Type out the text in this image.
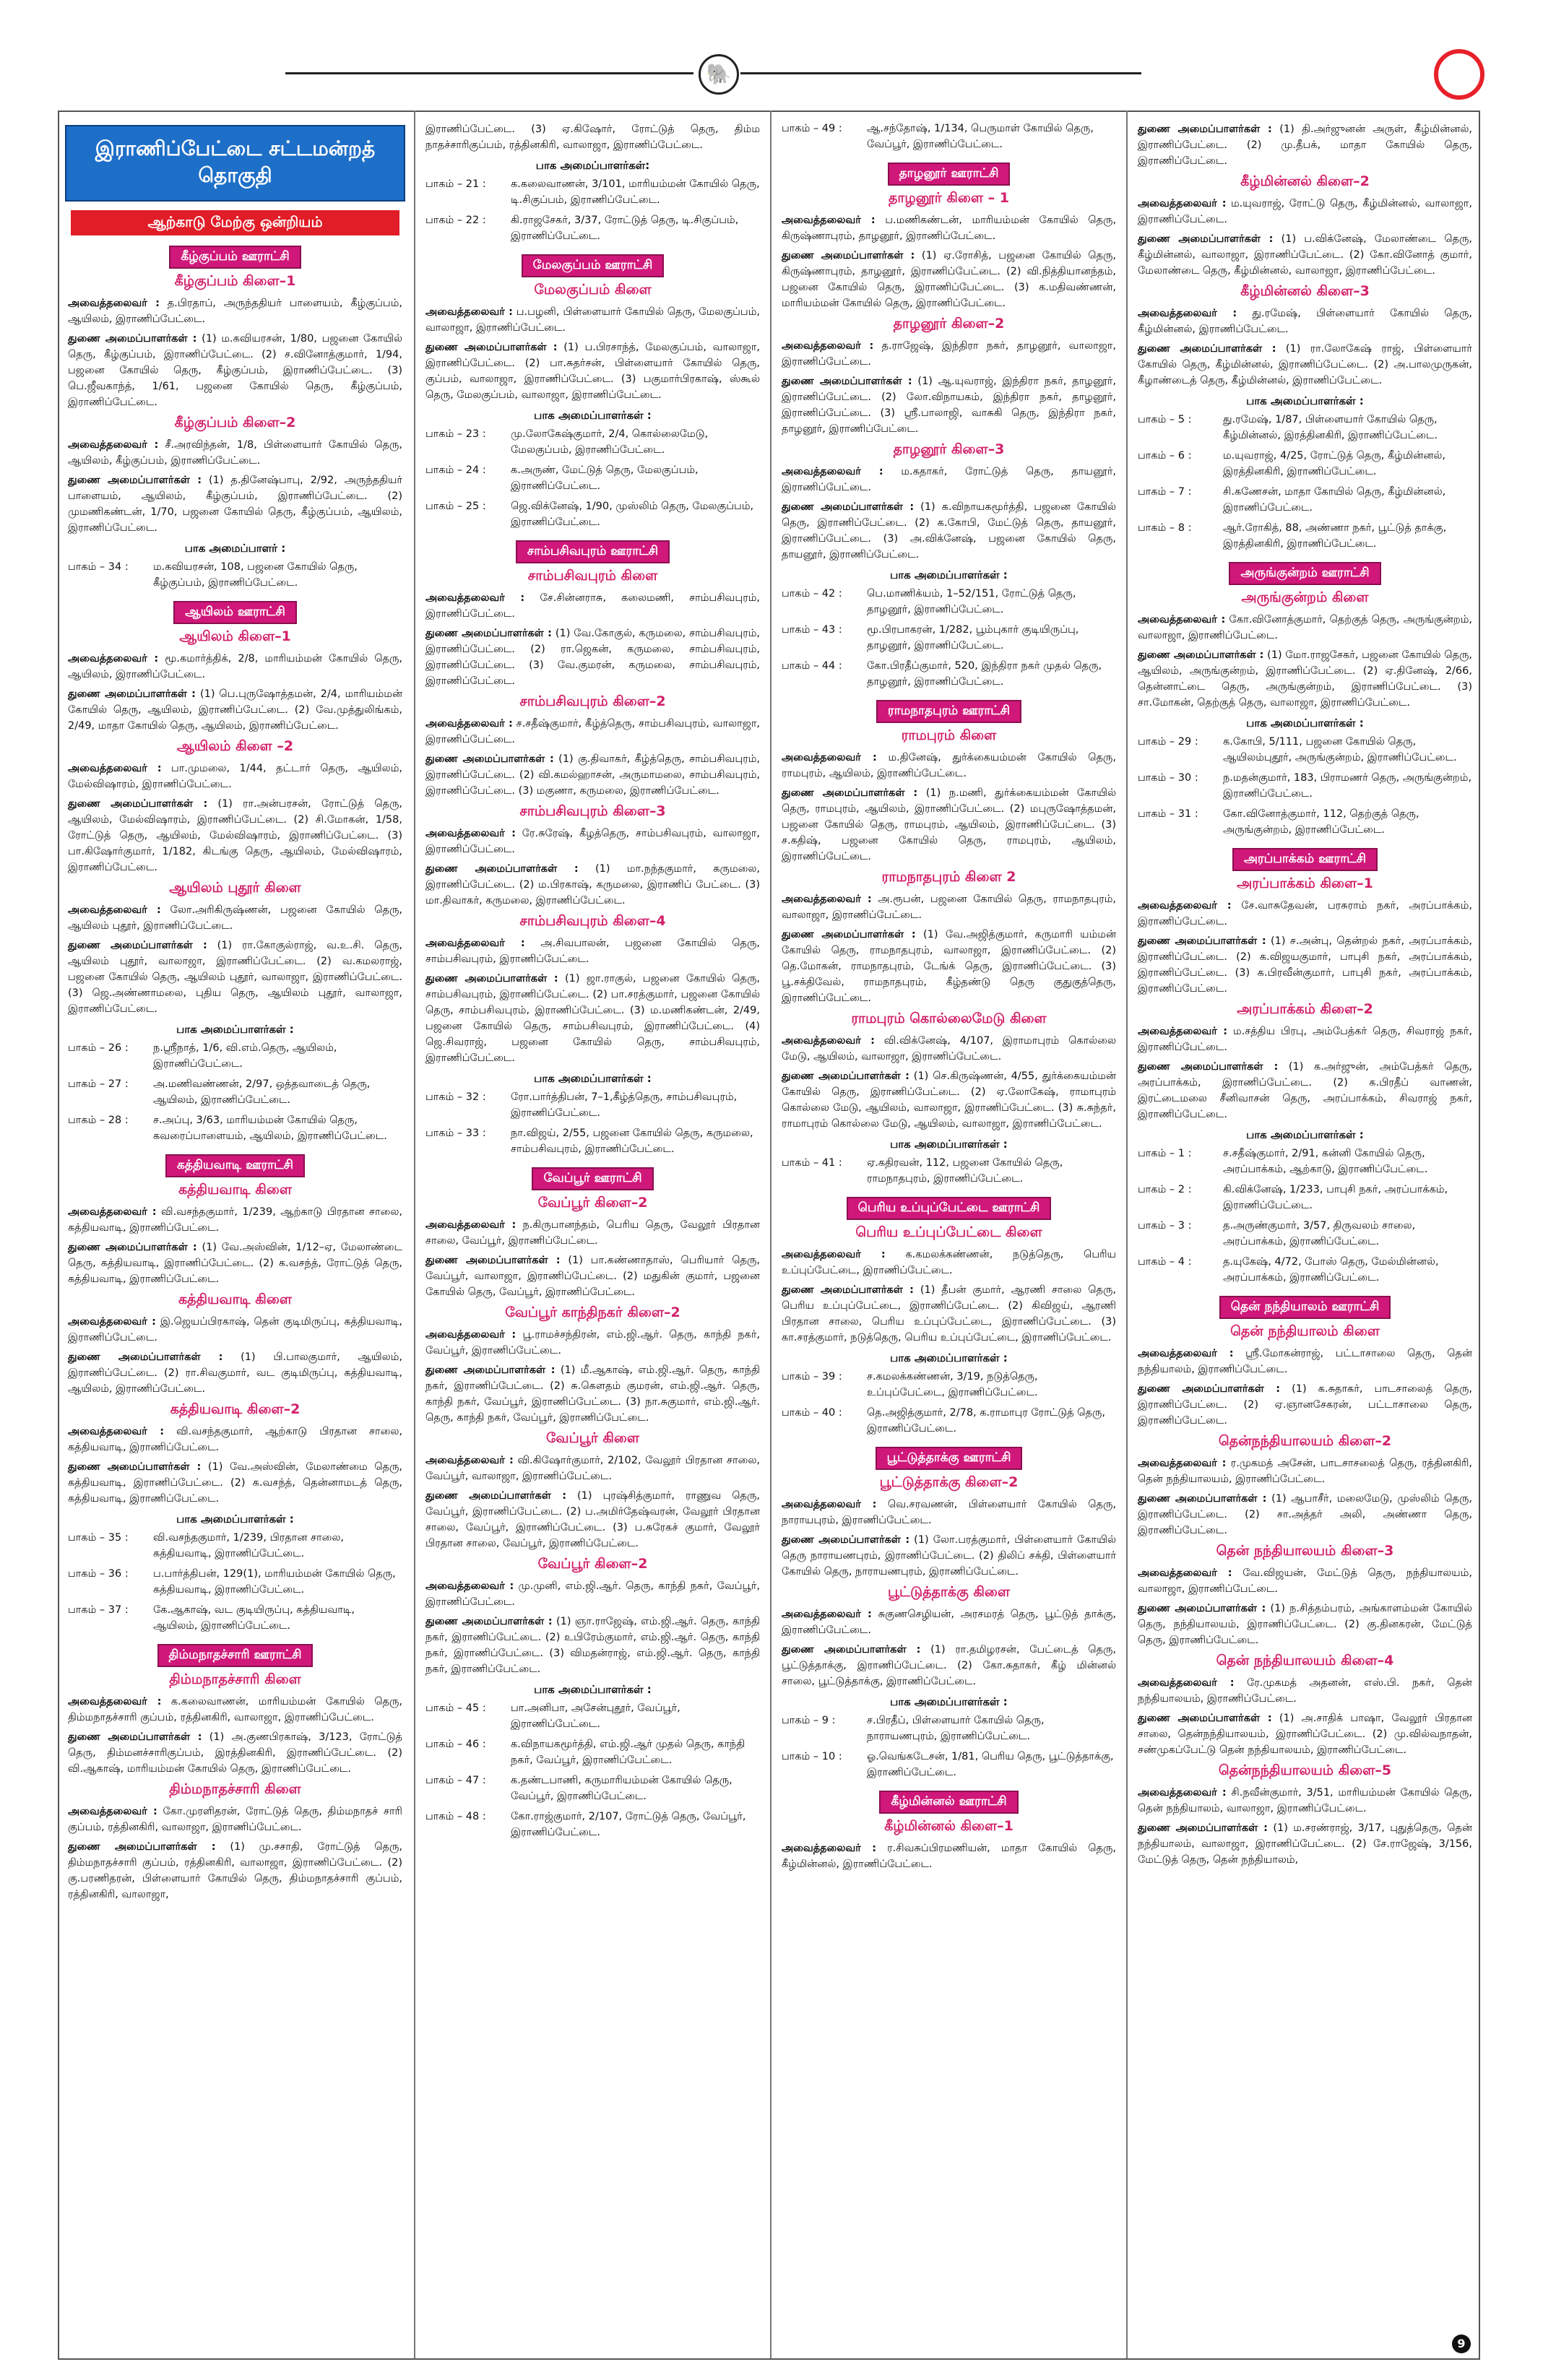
🐘
இராணிப்பேட்டை சட்டமன்றத் தொகுதி
ஆற்காடு மேற்கு ஒன்றியம்
கீழ்குப்பம் ஊராட்சி
கீழ்குப்பம் கிளை–1
அவைத்தலைவர் : த.பிரதாப், அருந்ததியர் பாளையம், கீழ்குப்பம், ஆயிலம், இராணிப்பேட்டை.
துணை அமைப்பாளர்கள் : (1) ம.கவியரசன், 1/80, பஜனை கோயில் தெரு, கீழ்குப்பம், இராணிப்பேட்டை. (2) ச.வினோத்குமார், 1/94, பஜனை கோயில் தெரு, கீழ்குப்பம், இராணிப்பேட்டை. (3) பெ.ஜீவகாந்த், 1/61, பஜனை கோயில் தெரு, கீழ்குப்பம், இராணிப்பேட்டை.
கீழ்குப்பம் கிளை–2
அவைத்தலைவர் : சீ.அரவிந்தன், 1/8, பிள்ளையார் கோயில் தெரு, ஆயிலம், கீழ்குப்பம், இராணிப்பேட்டை.
துணை அமைப்பாளர்கள் : (1) த.தினேஷ்பாபு, 2/92, அருந்ததியர் பாளையம், ஆயிலம், கீழ்குப்பம், இராணிப்பேட்டை. (2) முமணிகண்டன், 1/70, பஜனை கோயில் தெரு, கீழ்குப்பம், ஆயிலம், இராணிப்பேட்டை.
பாக அமைப்பாளர் :
பாகம் – 34 :	ம.கவியரசன், 108, பஜனை கோயில் தெரு, கீழ்குப்பம், இராணிப்பேட்டை.
ஆயிலம் ஊராட்சி
ஆயிலம் கிளை–1
அவைத்தலைவர் : மூ.கமார்த்திக், 2/8, மாரியம்மன் கோயில் தெரு, ஆயிலம், இராணிப்பேட்டை.
துணை அமைப்பாளர்கள் : (1) பெ.புருஷோத்தமன், 2/4, மாரியம்மன் கோயில் தெரு, ஆயிலம், இராணிப்பேட்டை. (2) வே.முத்துலிங்கம், 2/49, மாதா கோயில் தெரு, ஆயிலம், இராணிப்பேட்டை.
ஆயிலம் கிளை –2
அவைத்தலைவர் : பா.முமலை, 1/44, தட்டார் தெரு, ஆயிலம், மேல்விஷாரம், இராணிப்பேட்டை.
துணை அமைப்பாளர்கள் : (1) ரா.அன்பரசன், ரோட்டுத் தெரு, ஆயிலம், மேல்விஷாரம், இராணிப்பேட்டை. (2) சி.மோகன், 1/58, ரோட்டுத் தெரு, ஆயிலம், மேல்விஷாரம், இராணிப்பேட்டை. (3) பா.கிஷோர்குமார், 1/182, கிடங்கு தெரு, ஆயிலம், மேல்விஷாரம், இராணிப்பேட்டை.
ஆயிலம் புதூர் கிளை
அவைத்தலைவர் : லோ.அரிகிருஷ்ணன், பஜனை கோயில் தெரு, ஆயிலம் புதூர், இராணிப்பேட்டை.
துணை அமைப்பாளர்கள் : (1) ரா.கோகுல்ராஜ், வ.உ.சி. தெரு, ஆயிலம் புதூர், வாலாஜா, இராணிப்பேட்டை. (2) வ.கமலராஜ், பஜனை கோயில் தெரு, ஆயிலம் புதூர், வாலாஜா, இராணிப்பேட்டை. (3) ஜெ.அண்ணாமலை, புதிய தெரு, ஆயிலம் புதூர், வாலாஜா, இராணிப்பேட்டை.
பாக அமைப்பாளர்கள் :
பாகம் – 26 :	ந.ஸ்ரீநாத், 1/6, வி.எம்.தெரு, ஆயிலம், இராணிப்பேட்டை.
பாகம் – 27 :	அ.மணிவண்ணன், 2/97, ஒத்தவாடைத் தெரு, ஆயிலம், இராணிப்பேட்டை.
பாகம் – 28 :	ச.அப்பு, 3/63, மாரியம்மன் கோயில் தெரு, கவரைப்பாளையம், ஆயிலம், இராணிப்பேட்டை.
கத்தியவாடி ஊராட்சி
கத்தியவாடி கிளை
அவைத்தலைவர் : வி.வசந்தகுமார், 1/239, ஆற்காடு பிரதான சாலை, கத்தியவாடி, இராணிப்பேட்டை.
துணை அமைப்பாளர்கள் : (1) வே.அஸ்வின், 1/12–ஏ, மேலாண்டை தெரு, கத்தியவாடி, இராணிப்பேட்டை. (2) க.வசந்த், ரோட்டுத் தெரு, கத்தியவாடி, இராணிப்பேட்டை.
கத்தியவாடி கிளை
அவைத்தலைவர் : இ.ஜெயப்பிரகாஷ், தென் குடிமிருப்பு, கத்தியவாடி, இராணிப்பேட்டை.
துணை அமைப்பாளர்கள் : (1) பி.பாலகுமார், ஆயிலம், இராணிப்பேட்டை. (2) ரா.சிவகுமார், வட குடிமிருப்பு, கத்தியவாடி, ஆயிலம், இராணிப்பேட்டை.
கத்தியவாடி கிளை–2
அவைத்தலைவர் : வி.வசந்தகுமார், ஆற்காடு பிரதான சாலை, கத்தியவாடி, இராணிப்பேட்டை.
துணை அமைப்பாளர்கள் : (1) வே.அஸ்வின், மேலாண்மை தெரு, கத்தியவாடி, இராணிப்பேட்டை. (2) க.வசந்த், தென்னாமடத் தெரு, கத்தியவாடி, இராணிப்பேட்டை.
பாக அமைப்பாளர்கள் :
பாகம் – 35 :	வி.வசந்தகுமார், 1/239, பிரதான சாலை, கத்தியவாடி, இராணிப்பேட்டை.
பாகம் – 36 :	ப.பார்த்திபன், 129(1), மாரியம்மன் கோயில் தெரு, கத்தியவாடி, இராணிப்பேட்டை.
பாகம் – 37 :	கே.ஆகாஷ், வட குடியிருப்பு, கத்தியவாடி, ஆயிலம், இராணிப்பேட்டை.
திம்மநாதச்சாரி ஊராட்சி
திம்மநாதச்சாரி கிளை
அவைத்தலைவர் : க.கலைவாணன், மாரியம்மன் கோயில் தெரு, திம்மநாதச்சாரி குப்பம், ரத்தினகிரி, வாலாஜா, இராணிப்பேட்டை.
துணை அமைப்பாளர்கள் : (1) அ.குணபிரகாஷ், 3/123, ரோட்டுத் தெரு, திம்மனச்சாரிகுப்பம், இரத்தினகிரி, இராணிப்பேட்டை. (2) வி.ஆகாஷ், மாரியம்மன் கோயில் தெரு, இராணிப்பேட்டை.
திம்மநாதச்சாரி கிளை
அவைத்தலைவர் : கோ.முரளிதரன், ரோட்டுத் தெரு, திம்மநாதச் சாரி குப்பம், ரத்தினகிரி, வாலாஜா, இராணிப்பேட்டை.
துணை அமைப்பாளர்கள் : (1) மு.சசாதி, ரோட்டுத் தெரு, திம்மநாதச்சாரி குப்பம், ரத்தினகிரி, வாலாஜா, இராணிப்பேட்டை. (2) கு.பரணிதரன், பிள்ளையார் கோயில் தெரு, திம்மநாதச்சாரி குப்பம், ரத்தினகிரி, வாலாஜா,
இராணிப்பேட்டை. (3) ஏ.கிஷோர், ரோட்டுத் தெரு, திம்ம நாதச்சாரிகுப்பம், ரத்தினகிரி, வாலாஜா, இராணிப்பேட்டை.
பாக அமைப்பாளர்கள்:
பாகம் – 21 :	க.கலைவாணன், 3/101, மாரியம்மன் கோயில் தெரு, டி.சிகுப்பம், இராணிப்பேட்டை.
பாகம் – 22 :	கி.ராஜசேகர், 3/37, ரோட்டுத் தெரு, டி.சிகுப்பம், இராணிப்பேட்டை.
மேலகுப்பம் ஊராட்சி
மேலகுப்பம் கிளை
அவைத்தலைவர் : ப.பழனி, பிள்ளையார் கோயில் தெரு, மேலகுப்பம், வாலாஜா, இராணிப்பேட்டை.
துணை அமைப்பாளர்கள் : (1) ப.பிரசாந்த், மேலகுப்பம், வாலாஜா, இராணிப்பேட்டை. (2) பா.சுதர்சன், பிள்ளையார் கோயில் தெரு, குப்பம், வாலாஜா, இராணிப்பேட்டை. (3) பகுமார்பிரகாஷ், ஸ்கூல் தெரு, மேலகுப்பம், வாலாஜா, இராணிப்பேட்டை.
பாக அமைப்பாளர்கள் :
பாகம் – 23 :	மு.லோகேஷ்குமார், 2/4, கொல்லைமேடு, மேலகுப்பம், இராணிப்பேட்டை.
பாகம் – 24 :	க.அருண், மேட்டுத் தெரு, மேலகுப்பம், இராணிப்பேட்டை.
பாகம் – 25 :	ஜெ.விக்னேஷ், 1/90, முஸ்லிம் தெரு, மேலகுப்பம், இராணிப்பேட்டை.
சாம்பசிவபுரம் ஊராட்சி
சாம்பசிவபுரம் கிளை
அவைத்தலைவர் : சே.சின்னராசு, கலைமணி, சாம்பசிவபுரம், இராணிப்பேட்டை.
துணை அமைப்பாளர்கள் : (1) வே.கோகுல், கருமலை, சாம்பசிவபுரம், இராணிப்பேட்டை. (2) ரா.ஜெகன், கருமலை, சாம்பசிவபுரம், இராணிப்பேட்டை. (3) வே.குமரன், கருமலை, சாம்பசிவபுரம், இராணிப்பேட்டை.
சாம்பசிவபுரம் கிளை–2
அவைத்தலைவர் : ச.சதீஷ்குமார், கீழ்த்தெரு, சாம்பசிவபுரம், வாலாஜா, இராணிப்பேட்டை.
துணை அமைப்பாளர்கள் : (1) கு.திவாகர், கீழ்த்தெரு, சாம்பசிவபுரம், இராணிப்பேட்டை. (2) வி.கமல்ஹாசன், அருமாமலை, சாம்பசிவபுரம், இராணிப்பேட்டை. (3) மகுணா, கருமலை, இராணிப்பேட்டை.
சாம்பசிவபுரம் கிளை–3
அவைத்தலைவர் : ரே.சுரேஷ், கீழத்தெரு, சாம்பசிவபுரம், வாலாஜா, இராணிப்பேட்டை.
துணை அமைப்பாளர்கள் : (1) மா.நந்தகுமார், கருமலை, இராணிப்பேட்டை. (2) ம.பிரகாஷ், கருமலை, இராணிப் பேட்டை. (3) மா.திவாகர், கருமலை, இராணிப்பேட்டை.
சாம்பசிவபுரம் கிளை–4
அவைத்தலைவர் : அ.சிவபாலன், பஜனை கோயில் தெரு, சாம்பசிவபுரம், இராணிப்பேட்டை.
துணை அமைப்பாளர்கள் : (1) ஜா.ராகுல், பஜனை கோயில் தெரு, சாம்பசிவபுரம், இராணிப்பேட்டை. (2) பா.சரத்குமார், பஜனை கோயில் தெரு, சாம்பசிவபுரம், இராணிப்பேட்டை. (3) ம.மணிகண்டன், 2/49, பஜனை கோயில் தெரு, சாம்பசிவபுரம், இராணிப்பேட்டை. (4) ஜெ.சிவராஜ், பஜனை கோயில் தெரு, சாம்பசிவபுரம், இராணிப்பேட்டை.
பாக அமைப்பாளர்கள் :
பாகம் – 32 :	ரோ.பார்த்திபன், 7–1,கீழ்த்தெரு, சாம்பசிவபுரம், இராணிப்பேட்டை.
பாகம் – 33 :	நா.விஜய், 2/55, பஜனை கோயில் தெரு, கருமலை, சாம்பசிவபுரம், இராணிப்பேட்டை.
வேப்பூர் ஊராட்சி
வேப்பூர் கிளை–2
அவைத்தலைவர் : ந.கிருபானந்தம், பெரிய தெரு, வேலூர் பிரதான சாலை, வேப்பூர், இராணிப்பேட்டை.
துணை அமைப்பாளர்கள் : (1) பா.கண்ணாதாஸ், பெரியார் தெரு, வேப்பூர், வாலாஜா, இராணிப்பேட்டை. (2) மதுகின் குமார், பஜனை கோயில் தெரு, வேப்பூர், இராணிப்பேட்டை.
வேப்பூர் காந்திநகர் கிளை–2
அவைத்தலைவர் : பூ.ராமச்சந்திரன், எம்.ஜி.ஆர். தெரு, காந்தி நகர், வேப்பூர், இராணிப்பேட்டை.
துணை அமைப்பாளர்கள் : (1) மீ.ஆகாஷ், எம்.ஜி.ஆர். தெரு, காந்தி நகர், இராணிப்பேட்டை. (2) சு.கௌதம் குமரன், எம்.ஜி.ஆர். தெரு, காந்தி நகர், வேப்பூர், இராணிப்பேட்டை. (3) நா.சுகுமார், எம்.ஜி.ஆர். தெரு, காந்தி நகர், வேப்பூர், இராணிப்பேட்டை.
வேப்பூர் கிளை
அவைத்தலைவர் : வி.கிஷோர்குமார், 2/102, வேலூர் பிரதான சாலை, வேப்பூர், வாலாஜா, இராணிப்பேட்டை.
துணை அமைப்பாளர்கள் : (1) புரஷ்சித்குமார், ராணுவ தெரு, வேப்பூர், இராணிப்பேட்டை. (2) ப.அமிர்தேஷ்வரன், வேலூர் பிரதான சாலை, வேப்பூர், இராணிப்பேட்டை. (3) ப.சுரேகச் குமார், வேலூர் பிரதான சாலை, வேப்பூர், இராணிப்பேட்டை.
வேப்பூர் கிளை–2
அவைத்தலைவர் : மு.முனி, எம்.ஜி.ஆர். தெரு, காந்தி நகர், வேப்பூர், இராணிப்பேட்டை.
துணை அமைப்பாளர்கள் : (1) ஞா.ராஜேஷ், எம்.ஜி.ஆர். தெரு, காந்தி நகர், இராணிப்பேட்டை. (2) உபிரேம்குமார், எம்.ஜி.ஆர். தெரு, காந்தி நகர், இராணிப்பேட்டை. (3) விமதன்ராஜ், எம்.ஜி.ஆர். தெரு, காந்தி நகர், இராணிப்பேட்டை.
பாக அமைப்பாளர்கள் :
பாகம் – 45 :	பா.அனிபா, அசேன்புதூர், வேப்பூர், இராணிப்பேட்டை.
பாகம் – 46 :	க.விநாயகமூர்த்தி, எம்.ஜி.ஆர் முதல் தெரு, காந்தி நகர், வேப்பூர், இராணிப்பேட்டை.
பாகம் – 47 :	க.தண்டபாணி, கருமாரியம்மன் கோயில் தெரு, வேப்பூர், இராணிப்பேட்டை.
பாகம் – 48 :	கோ.ராஜ்குமார், 2/107, ரோட்டுத் தெரு, வேப்பூர், இராணிப்பேட்டை.
பாகம் – 49 :	ஆ.சந்தோஷ், 1/134, பெருமாள் கோயில் தெரு, வேப்பூர், இராணிப்பேட்டை.
தாழனூர் ஊராட்சி
தாழனூர் கிளை – 1
அவைத்தலைவர் : ப.மணிகண்டன், மாரியம்மன் கோயில் தெரு, கிருஷ்ணாபுரம், தாழனூர், இராணிப்பேட்டை.
துணை அமைப்பாளர்கள் : (1) ஏ.ரோசித், பஜனை கோயில் தெரு, கிருஷ்ணாபுரம், தாழனூர், இராணிப்பேட்டை. (2) வி.நித்தியானந்தம், பஜனை கோயில் தெரு, இராணிப்பேட்டை. (3) க.மதிவண்ணன், மாரியம்மன் கோயில் தெரு, இராணிப்பேட்டை.
தாழனூர் கிளை–2
அவைத்தலைவர் : த.ராஜேஷ், இந்திரா நகர், தாழனூர், வாலாஜா, இராணிப்பேட்டை.
துணை அமைப்பாளர்கள் : (1) ஆ.யுவராஜ், இந்திரா நகர், தாழனூர், இராணிப்பேட்டை. (2) லோ.விநாயகம், இந்திரா நகர், தாழனூர், இராணிப்பேட்டை. (3) ஸ்ரீ.பாலாஜி, வாசுகி தெரு, இந்திரா நகர், தாழனூர், இராணிப்பேட்டை.
தாழனூர் கிளை–3
அவைத்தலைவர் : ம.கதாகர், ரோட்டுத் தெரு, தாயனூர், இராணிப்பேட்டை.
துணை அமைப்பாளர்கள் : (1) க.விநாயகமூர்த்தி, பஜனை கோயில் தெரு, இராணிப்பேட்டை. (2) க.கோபி, மேட்டுத் தெரு, தாயனூர், இராணிப்பேட்டை. (3) அ.விக்னேஷ், பஜனை கோயில் தெரு, தாயனூர், இராணிப்பேட்டை.
பாக அமைப்பாளர்கள் :
பாகம் – 42 :	பெ.மாணிக்யம், 1–52/151, ரோட்டுத் தெரு, தாழனூர், இராணிப்பேட்டை.
பாகம் – 43 :	மூ.பிரபாகரன், 1/282, பூம்புகார் குடியிருப்பு, தாழனூர், இராணிப்பேட்டை.
பாகம் – 44 :	கோ.பிரதீப்குமார், 520, இந்திரா நகர் முதல் தெரு, தாழனூர், இராணிப்பேட்டை.
ராமநாதபுரம் ஊராட்சி
ராமபுரம் கிளை
அவைத்தலைவர் : ம.தினேஷ், துர்க்கையம்மன் கோயில் தெரு, ராமபுரம், ஆயிலம், இராணிப்பேட்டை.
துணை அமைப்பாளர்கள் : (1) ந.மணி, துர்க்கையம்மன் கோயில் தெரு, ராமபுரம், ஆயிலம், இராணிப்பேட்டை. (2) மபுருஷோத்தமன், பஜனை கோயில் தெரு, ராமபுரம், ஆயிலம், இராணிப்பேட்டை. (3) ச.கதிஷ், பஜனை கோயில் தெரு, ராமபுரம், ஆயிலம், இராணிப்பேட்டை.
ராமநாதபுரம் கிளை 2
அவைத்தலைவர் : அ.ரூபன், பஜனை கோயில் தெரு, ராமநாதபுரம், வாலாஜா, இராணிப்பேட்டை.
துணை அமைப்பாளர்கள் : (1) வே.அஜித்குமார், கருமாரி யம்மன் கோயில் தெரு, ராமநாதபுரம், வாலாஜா, இராணிப்பேட்டை. (2) தெ.மோகன், ராமநாதபுரம், டேங்க் தெரு, இராணிப்பேட்டை. (3) பூ.சக்திவேல், ராமநாதபுரம், கீழ்தண்டு தெரு குதுகுத்தெரு, இராணிப்பேட்டை.
ராமபுரம் கொல்லைமேடு கிளை
அவைத்தலைவர் : வி.விக்னேஷ், 4/107, இராமாபுரம் கொல்லை மேடு, ஆயிலம், வாலாஜா, இராணிப்பேட்டை.
துணை அமைப்பாளர்கள் : (1) செ.கிருஷ்ணன், 4/55, துர்க்கையம்மன் கோயில் தெரு, இராணிப்பேட்டை. (2) ஏ.லோகேஷ், ராமாபுரம் கொல்லை மேடு, ஆயிலம், வாலாஜா, இராணிப்பேட்டை. (3) சு.சுந்தர், ராமாபுரம் கொல்லை மேடு, ஆயிலம், வாலாஜா, இராணிப்பேட்டை.
பாக அமைப்பாளர்கள் :
பாகம் – 41 :	ஏ.கதிரவன், 112, பஜனை கோயில் தெரு, ராமநாதபுரம், இராணிப்பேட்டை.
பெரிய உப்புப்பேட்டை ஊராட்சி
பெரிய உப்புப்பேட்டை கிளை
அவைத்தலைவர் : க.கமலக்கண்ணன், நடுத்தெரு, பெரிய உப்புப்பேட்டை, இராணிப்பேட்டை.
துணை அமைப்பாளர்கள் : (1) தீபன் குமார், ஆரணி சாலை தெரு, பெரிய உப்புப்பேட்டை, இராணிப்பேட்டை. (2) கிவிஜய், ஆரணி பிரதான சாலை, பெரிய உப்புப்பேட்டை, இராணிப்பேட்டை. (3) கா.சரத்குமார், நடுத்தெரு, பெரிய உப்புப்பேட்டை, இராணிப்பேட்டை.
பாக அமைப்பாளர்கள் :
பாகம் – 39 :	ச.கமலக்கண்ணன், 3/19, நடுத்தெரு, உப்புப்பேட்டை, இராணிப்பேட்டை.
பாகம் – 40 :	தெ.அஜித்குமார், 2/78, க.ராமாபுர ரோட்டுத் தெரு, இராணிப்பேட்டை.
பூட்டுத்தாக்கு ஊராட்சி
பூட்டுத்தாக்கு கிளை–2
அவைத்தலைவர் : வெ.சரவணன், பிள்ளையார் கோயில் தெரு, நாராயபுரம், இராணிப்பேட்டை.
துணை அமைப்பாளர்கள் : (1) லோ.பரத்குமார், பிள்ளையார் கோயில் தெரு நாராயணபுரம், இராணிப்பேட்டை. (2) திலிப் சக்தி, பிள்ளையார் கோயில் தெரு, நாராயணபுரம், இராணிப்பேட்டை.
பூட்டுத்தாக்கு கிளை
அவைத்தலைவர் : சுகுணசெழியன், அரசமரத் தெரு, பூட்டுத் தாக்கு, இராணிப்பேட்டை.
துணை அமைப்பாளர்கள் : (1) ரா.தமிழரசன், பேட்டைத் தெரு, பூட்டுத்தாக்கு, இராணிப்பேட்டை. (2) கோ.சுதாகர், கீழ் மின்னல் சாலை, பூட்டுத்தாக்கு, இராணிப்பேட்டை.
பாக அமைப்பாளர்கள் :
பாகம் – 9 :	ச.பிரதீப், பிள்ளையார் கோயில் தெரு, நாராயணபுரம், இராணிப்பேட்டை.
பாகம் – 10 :	ஓ.வெங்கடேசன், 1/81, பெரிய தெரு, பூட்டுத்தாக்கு, இராணிப்பேட்டை.
கீழ்மின்னல் ஊராட்சி
கீழ்மின்னல் கிளை–1
அவைத்தலைவர் : ர.சிவசுப்பிரமணியன், மாதா கோயில் தெரு, கீழ்மின்னல், இராணிப்பேட்டை.
துணை அமைப்பாளர்கள் : (1) தி.அர்ஜுனன் அருள், கீழ்மின்னல், இராணிப்பேட்டை. (2) மு.தீபக், மாதா கோயில் தெரு, இராணிப்பேட்டை.
கீழ்மின்னல் கிளை–2
அவைத்தலைவர் : ம.யுவராஜ், ரோட்டு தெரு, கீழ்மின்னல், வாலாஜா, இராணிப்பேட்டை.
துணை அமைப்பாளர்கள் : (1) ப.விக்னேஷ், மேலாண்டை தெரு, கீழ்மின்னல், வாலாஜா, இராணிப்பேட்டை. (2) கோ.வினோத் குமார், மேலாண்டை தெரு, கீழ்மின்னல், வாலாஜா, இராணிப்பேட்டை.
கீழ்மின்னல் கிளை–3
அவைத்தலைவர் : து.ரமேஷ், பிள்ளையார் கோயில் தெரு, கீழ்மின்னல், இராணிப்பேட்டை.
துணை அமைப்பாளர்கள் : (1) ரா.லோகேஷ் ராஜ், பிள்ளையார் கோயில் தெரு, கீழ்மின்னல், இராணிப்பேட்டை. (2) அ.பாலமுருகன், கீழாண்டைத் தெரு, கீழ்மின்னல், இராணிப்பேட்டை.
பாக அமைப்பாளர்கள் :
பாகம் – 5 :	து.ரமேஷ், 1/87, பிள்ளையார் கோயில் தெரு, கீழ்மின்னல், இரத்தினகிரி, இராணிப்பேட்டை.
பாகம் – 6 :	ம.யுவராஜ், 4/25, ரோட்டுத் தெரு, கீழ்மின்னல், இரத்தினகிரி, இராணிப்பேட்டை.
பாகம் – 7 :	சி.கணேசன், மாதா கோயில் தெரு, கீழ்மின்னல், இராணிப்பேட்டை.
பாகம் – 8 :	ஆர்.ரோகித், 88, அண்ணா நகர், பூட்டுத் தாக்கு, இரத்தினகிரி, இராணிப்பேட்டை.
அருங்குன்றம் ஊராட்சி
அருங்குன்றம் கிளை
அவைத்தலைவர் : கோ.வினோத்குமார், தெற்குத் தெரு, அருங்குன்றம், வாலாஜா, இராணிப்பேட்டை.
துணை அமைப்பாளர்கள் : (1) மோ.ராஜசேகர், பஜனை கோயில் தெரு, ஆயிலம், அருங்குன்றம், இராணிப்பேட்டை. (2) ஏ.தினேஷ், 2/66, தென்னாட்டை தெரு, அருங்குன்றம், இராணிப்பேட்டை. (3) சா.மோகன், தெற்குத் தெரு, வாலாஜா, இராணிப்பேட்டை.
பாக அமைப்பாளர்கள் :
பாகம் – 29 :	க.கோபி, 5/111, பஜனை கோயில் தெரு, ஆயிலம்புதூர், அருங்குன்றம், இராணிப்பேட்டை.
பாகம் – 30 :	ந.மதன்குமார், 183, பிராமணர் தெரு, அருங்குன்றம், இராணிப்பேட்டை.
பாகம் – 31 :	கோ.வினோத்குமார், 112, தெற்குத் தெரு, அருங்குன்றம், இராணிப்பேட்டை.
அரப்பாக்கம் ஊராட்சி
அரப்பாக்கம் கிளை–1
அவைத்தலைவர் : சே.வாசுதேவன், பரசுராம் நகர், அரப்பாக்கம், இராணிப்பேட்டை.
துணை அமைப்பாளர்கள் : (1) ச.அன்பு, தென்றல் நகர், அரப்பாக்கம், இராணிப்பேட்டை. (2) க.விஜயகுமார், பாபுசி நகர், அரப்பாக்கம், இராணிப்பேட்டை. (3) க.பிரவீன்குமார், பாபுசி நகர், அரப்பாக்கம், இராணிப்பேட்டை.
அரப்பாக்கம் கிளை–2
அவைத்தலைவர் : ம.சத்திய பிரபு, அம்பேத்கர் தெரு, சிவராஜ் நகர், இராணிப்பேட்டை.
துணை அமைப்பாளர்கள் : (1) க.அர்ஜுன், அம்பேத்கர் தெரு, அரப்பாக்கம், இராணிப்பேட்டை. (2) க.பிரதீப் வாணன், இரட்டைமலை சீனிவாசன் தெரு, அரப்பாக்கம், சிவராஜ் நகர், இராணிப்பேட்டை.
பாக அமைப்பாளர்கள் :
பாகம் – 1 :	ச.சதீஷ்குமார், 2/91, கன்னி கோயில் தெரு, அரப்பாக்கம், ஆற்காடு, இராணிப்பேட்டை.
பாகம் – 2 :	கி.விக்னேஷ், 1/233, பாபுசி நகர், அரப்பாக்கம், இராணிப்பேட்டை.
பாகம் – 3 :	த.அருண்குமார், 3/57, திருவலம் சாலை, அரப்பாக்கம், இராணிப்பேட்டை.
பாகம் – 4 :	த.யுகேஷ், 4/72, போஸ் தெரு, மேல்மின்னல், அரப்பாக்கம், இராணிப்பேட்டை.
தென் நந்தியாலம் ஊராட்சி
தென் நந்தியாலம் கிளை
அவைத்தலைவர் : ஸ்ரீ.மோகன்ராஜ், பட்டாசாலை தெரு, தென் நந்தியாலம், இராணிப்பேட்டை.
துணை அமைப்பாளர்கள் : (1) க.சுதாகர், பாடசாலைத் தெரு, இராணிப்பேட்டை. (2) ஏ.ஞானசேகரன், பட்டாசாலை தெரு, இராணிப்பேட்டை.
தென்நந்தியாலயம் கிளை–2
அவைத்தலைவர் : ர.முகமத் அசேன், பாடசாசலைத் தெரு, ரத்தினகிரி, தென் நந்தியாலயம், இராணிப்பேட்டை.
துணை அமைப்பாளர்கள் : (1) ஆபாசீர், மலைமேடு, முஸ்லிம் தெரு, இராணிப்பேட்டை. (2) சா.அத்தர் அலி, அண்ணா தெரு, இராணிப்பேட்டை.
தென் நந்தியாலயம் கிளை–3
அவைத்தலைவர் : வே.விஜயன், மேட்டுத் தெரு, நந்தியாலயம், வாலாஜா, இராணிப்பேட்டை.
துணை அமைப்பாளர்கள் : (1) ந.சித்தம்பரம், அங்காளம்மன் கோயில் தெரு, நந்தியாலயம், இராணிப்பேட்டை. (2) கு.தினகரன், மேட்டுத் தெரு, இராணிப்பேட்டை.
தென் நந்தியாலயம் கிளை–4
அவைத்தலைவர் : ரே.முகமத் அதனன், எஸ்.பி. நகர், தென் நந்தியாலயம், இராணிப்பேட்டை.
துணை அமைப்பாளர்கள் : (1) அ.சாதிக் பாஷா, வேலூர் பிரதான சாலை, தென்நந்தியாலயம், இராணிப்பேட்டை. (2) மு.வில்வநாதன், சண்முகப்பேட்டு தென் நந்தியாலயம், இராணிப்பேட்டை.
தென்நந்தியாலயம் கிளை–5
அவைத்தலைவர் : சி.நவீன்குமார், 3/51, மாரியம்மன் கோயில் தெரு, தென் நந்தியாலம், வாலாஜா, இராணிப்பேட்டை.
துணை அமைப்பாளர்கள் : (1) ம.சரண்ராஜ், 3/17, புதுத்தெரு, தென் நந்தியாலம், வாலாஜா, இராணிப்பேட்டை. (2) சே.ராஜேஷ், 3/156, மேட்டுத் தெரு, தென் நந்தியாலம்,
9
